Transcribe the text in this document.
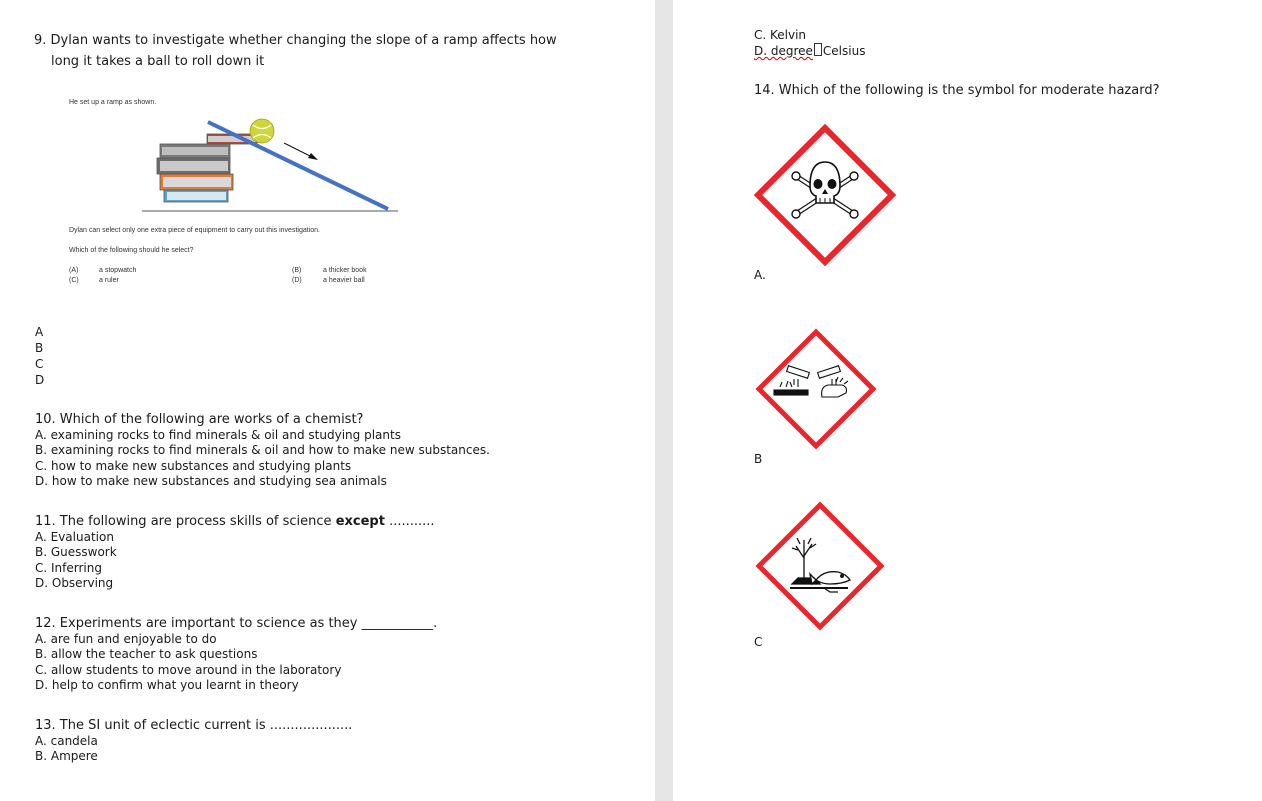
9. Dylan wants to investigate whether changing the slope of a ramp affects how
long it takes a ball to roll down it
He set up a ramp as shown.
Dylan can select only one extra piece of equipment to carry out this investigation.
Which of the following should he select?
(A)	a stopwatch	(B)	a thicker book
(C)	a ruler	(D)	a heavier ball
A
B
C
D
10. Which of the following are works of a chemist?
A. examining rocks to find minerals & oil and studying plants
B. examining rocks to find minerals & oil and how to make new substances.
C. how to make new substances and studying plants
D. how to make new substances and studying sea animals
11. The following are process skills of science except ...........
A. Evaluation
B. Guesswork
C. Inferring
D. Observing
12. Experiments are important to science as they ___________.
A. are fun and enjoyable to do
B. allow the teacher to ask questions
C. allow students to move around in the laboratory
D. help to confirm what you learnt in theory
13. The SI unit of eclectic current is ....................
A. candela
B. Ampere
C. Kelvin
D. degree Celsius
14. Which of the following is the symbol for moderate hazard?
A.
B
C
